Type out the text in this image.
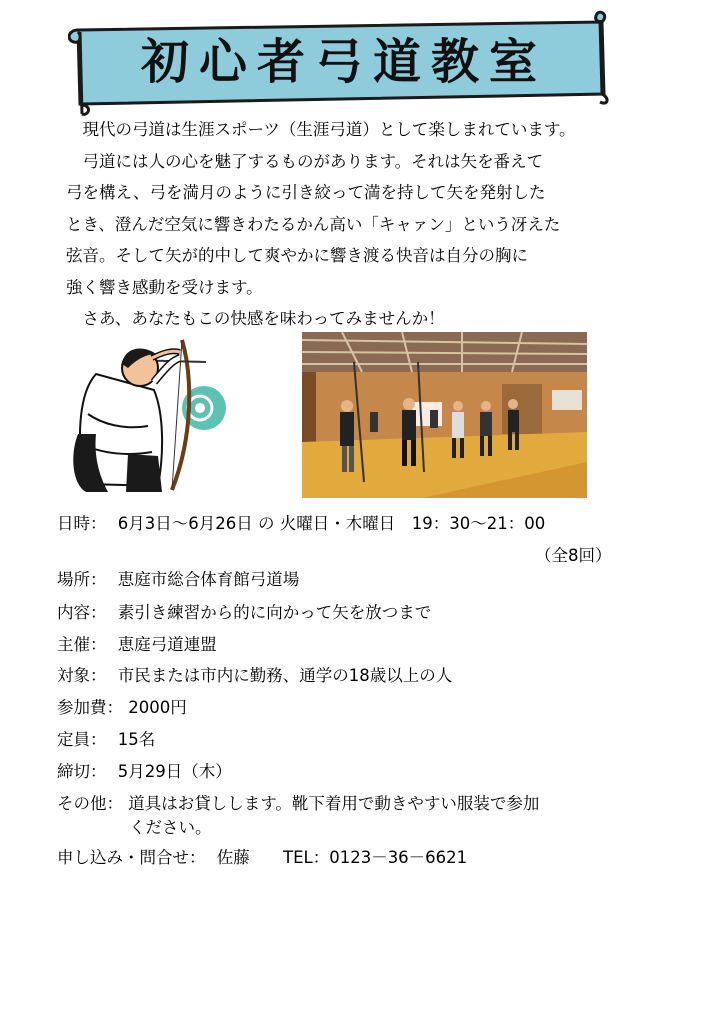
初心者弓道教室

　現代の弓道は生涯スポーツ（生涯弓道）として楽しまれています。

　弓道には人の心を魅了するものがあります。それは矢を番えて

弓を構え、弓を満月のように引き絞って満を持して矢を発射した

とき、澄んだ空気に響きわたるかん高い「キャァン」という冴えた

弦音。そして矢が的中して爽やかに響き渡る快音は自分の胸に

強く響き感動を受けます。

　さあ、あなたもこの快感を味わってみませんか！

日時： 6月3日～6月26日 の 火曜日・木曜日　19：30～21：00
（全8回）
場所： 恵庭市総合体育館弓道場
内容： 素引き練習から的に向かって矢を放つまで
主催： 恵庭弓道連盟
対象： 市民または市内に勤務、通学の18歳以上の人
参加費： 2000円
定員： 15名
締切： 5月29日（木）
その他： 道具はお貸しします。靴下着用で動きやすい服装で参加
ください。
申し込み・問合せ： 佐藤 TEL：0123－36－6621
